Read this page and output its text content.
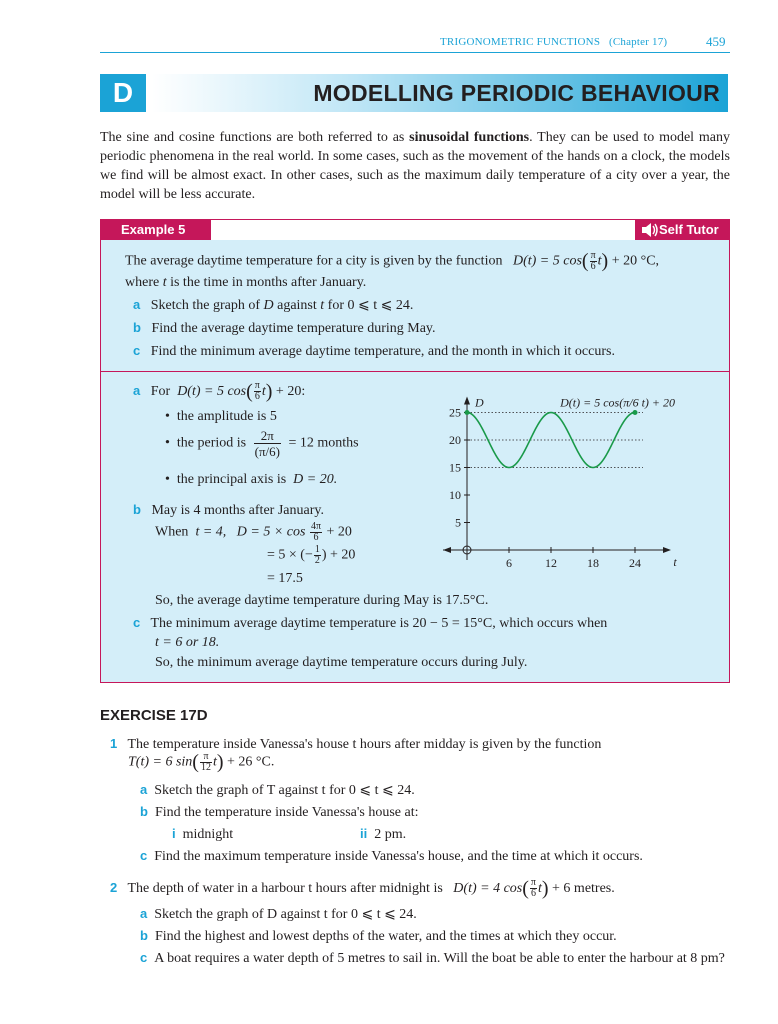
TRIGONOMETRIC FUNCTIONS (Chapter 17)	459
D	MODELLING PERIODIC BEHAVIOUR
The sine and cosine functions are both referred to as sinusoidal functions. They can be used to model many periodic phenomena in the real world. In some cases, such as the movement of the hands on a clock, the models we find will be almost exact. In other cases, such as the maximum daily temperature of a city over a year, the model will be less accurate.
Example 5	Self Tutor
The average daytime temperature for a city is given by the function D(t) = 5 $\cos( \frac{\pi}{6} t) + 20$ °C,
where t is the time in months after January.
a Sketch the graph of D against t for 0 ⩽ t ⩽ 24.
b Find the average daytime temperature during May.
c Find the minimum average daytime temperature, and the month in which it occurs.
a For D(t) = 5 $\cos( \frac{\pi}{6} t) + 20$:
•  the amplitude is 5
•  the period is $\frac{2\pi}{(\pi/6)} = 12$ months
•  the principal axis is D = 20.
b May is 4 months after January.
When t = 4, $D = 5 \times \cos \frac{4\pi}{6} + 20$
= 5 × (− $\frac{1}{2}$ ) + 20
= 17.5
So, the average daytime temperature during May is 17.5°C.
c The minimum average daytime temperature is 20 − 5 = 15°C, which occurs when
t = 6 or 18.
So, the minimum average daytime temperature occurs during July.
6	12	18	24
5
10
15
20
25
D
t
D(t) = 5 cos(π/6 t) + 20
EXERCISE 17D
1 The temperature inside Vanessa's house t hours after midday is given by the function
T(t) = 6 $\sin( \frac{\pi}{12} t) + 26$ °C.
a Sketch the graph of T against t for 0 ⩽ t ⩽ 24.
b Find the temperature inside Vanessa's house at:
i midnight	ii 2 pm.
c Find the maximum temperature inside Vanessa's house, and the time at which it occurs.
2 The depth of water in a harbour t hours after midnight is D(t) = 4 $\cos( \frac{\pi}{6} t) + 6$ metres.
a Sketch the graph of D against t for 0 ⩽ t ⩽ 24.
b Find the highest and lowest depths of the water, and the times at which they occur.
c A boat requires a water depth of 5 metres to sail in. Will the boat be able to enter the harbour at 8 pm?
